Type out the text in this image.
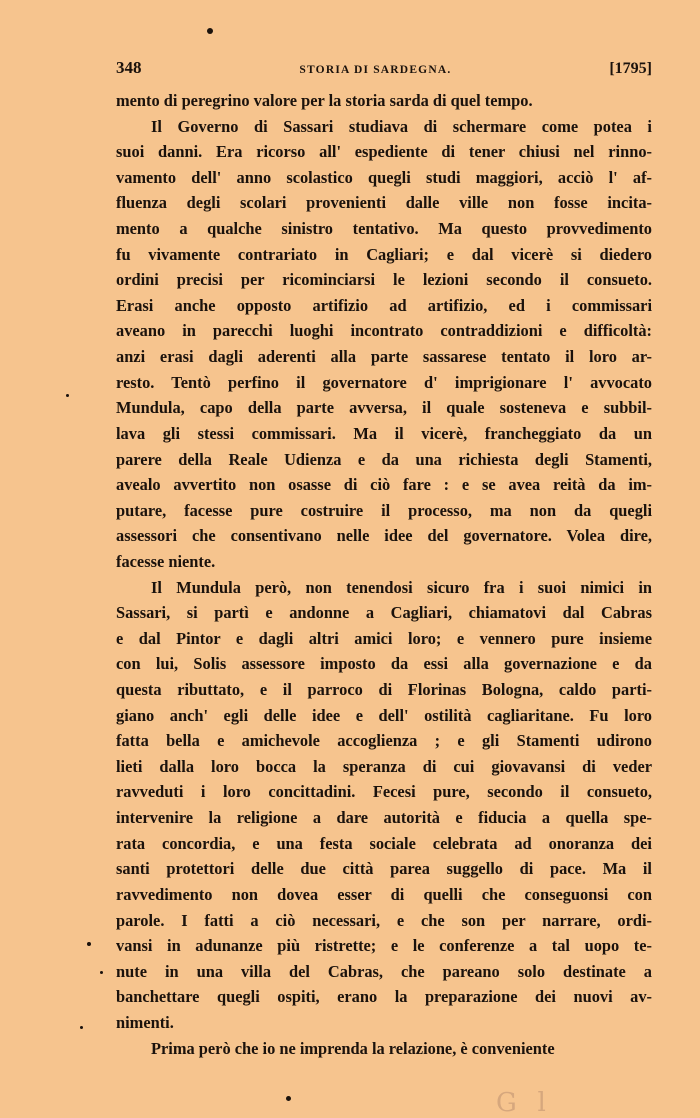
348	STORIA DI SARDEGNA.	[1795]
mento di peregrino valore per la storia sarda di quel tempo.
Il Governo di Sassari studiava di schermare come potea i
suoi danni. Era ricorso all' espediente di tener chiusi nel rinno-
vamento dell' anno scolastico quegli studi maggiori, acciò l' af-
fluenza degli scolari provenienti dalle ville non fosse incita-
mento a qualche sinistro tentativo. Ma questo provvedimento
fu vivamente contrariato in Cagliari; e dal vicerè si diedero
ordini precisi per ricominciarsi le lezioni secondo il consueto.
Erasi anche opposto artifizio ad artifizio, ed i commissari
aveano in parecchi luoghi incontrato contraddizioni e difficoltà:
anzi erasi dagli aderenti alla parte sassarese tentato il loro ar-
resto. Tentò perfino il governatore d' imprigionare l' avvocato
Mundula, capo della parte avversa, il quale sosteneva e subbil-
lava gli stessi commissari. Ma il vicerè, francheggiato da un
parere della Reale Udienza e da una richiesta degli Stamenti,
avealo avvertito non osasse di ciò fare : e se avea reità da im-
putare, facesse pure costruire il processo, ma non da quegli
assessori che consentivano nelle idee del governatore. Volea dire,
facesse niente.
Il Mundula però, non tenendosi sicuro fra i suoi nimici in
Sassari, si partì e andonne a Cagliari, chiamatovi dal Cabras
e dal Pintor e dagli altri amici loro; e vennero pure insieme
con lui, Solis assessore imposto da essi alla governazione e da
questa ributtato, e il parroco di Florinas Bologna, caldo parti-
giano anch' egli delle idee e dell' ostilità cagliaritane. Fu loro
fatta bella e amichevole accoglienza ; e gli Stamenti udirono
lieti dalla loro bocca la speranza di cui giovavansi di veder
ravveduti i loro concittadini. Fecesi pure, secondo il consueto,
intervenire la religione a dare autorità e fiducia a quella spe-
rata concordia, e una festa sociale celebrata ad onoranza dei
santi protettori delle due città parea suggello di pace. Ma il
ravvedimento non dovea esser di quelli che conseguonsi con
parole. I fatti a ciò necessari, e che son per narrare, ordi-
vansi in adunanze più ristrette; e le conferenze a tal uopo te-
nute in una villa del Cabras, che pareano solo destinate a
banchettare quegli ospiti, erano la preparazione dei nuovi av-
nimenti.
Prima però che io ne imprenda la relazione, è conveniente
G    l
